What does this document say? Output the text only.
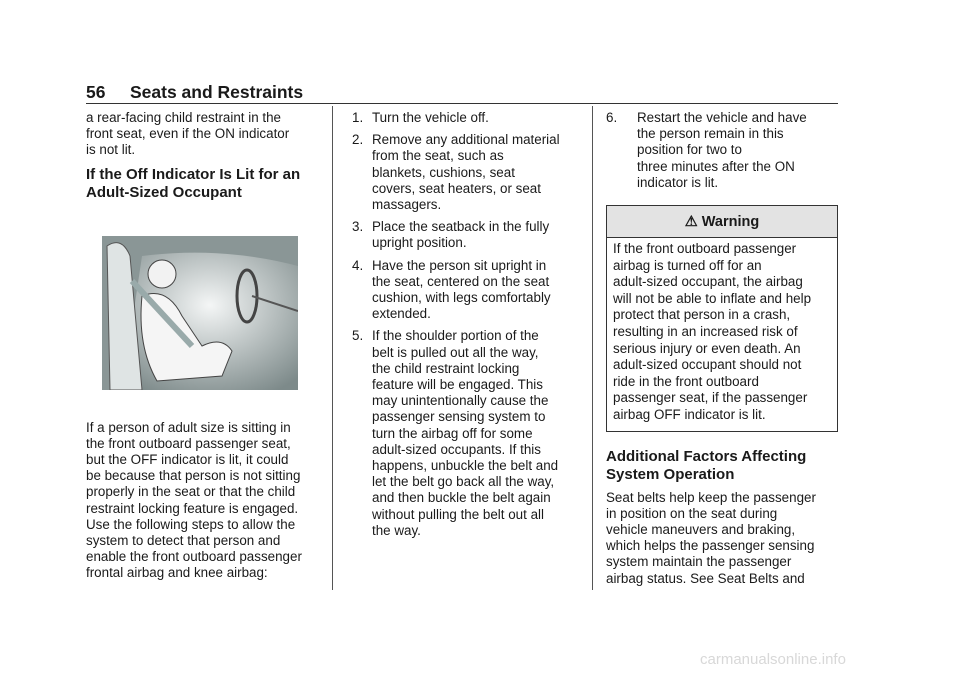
56 Seats and Restraints
a rear-facing child restraint in the
front seat, even if the ON indicator
is not lit.
If the Off Indicator Is Lit for an
Adult-Sized Occupant
If a person of adult size is sitting in
the front outboard passenger seat,
but the OFF indicator is lit, it could
be because that person is not sitting
properly in the seat or that the child
restraint locking feature is engaged.
Use the following steps to allow the
system to detect that person and
enable the front outboard passenger
frontal airbag and knee airbag:
1. Turn the vehicle off.
2. Remove any additional material
from the seat, such as
blankets, cushions, seat
covers, seat heaters, or seat
massagers.
3. Place the seatback in the fully
upright position.
4. Have the person sit upright in
the seat, centered on the seat
cushion, with legs comfortably
extended.
5. If the shoulder portion of the
belt is pulled out all the way,
the child restraint locking
feature will be engaged. This
may unintentionally cause the
passenger sensing system to
turn the airbag off for some
adult-sized occupants. If this
happens, unbuckle the belt and
let the belt go back all the way,
and then buckle the belt again
without pulling the belt out all
the way.
6. Restart the vehicle and have
the person remain in this
position for two to
three minutes after the ON
indicator is lit.
⚠ Warning
If the front outboard passenger
airbag is turned off for an
adult-sized occupant, the airbag
will not be able to inflate and help
protect that person in a crash,
resulting in an increased risk of
serious injury or even death. An
adult-sized occupant should not
ride in the front outboard
passenger seat, if the passenger
airbag OFF indicator is lit.
Additional Factors Affecting
System Operation
Seat belts help keep the passenger
in position on the seat during
vehicle maneuvers and braking,
which helps the passenger sensing
system maintain the passenger
airbag status. See Seat Belts and
carmanualsonline.info
